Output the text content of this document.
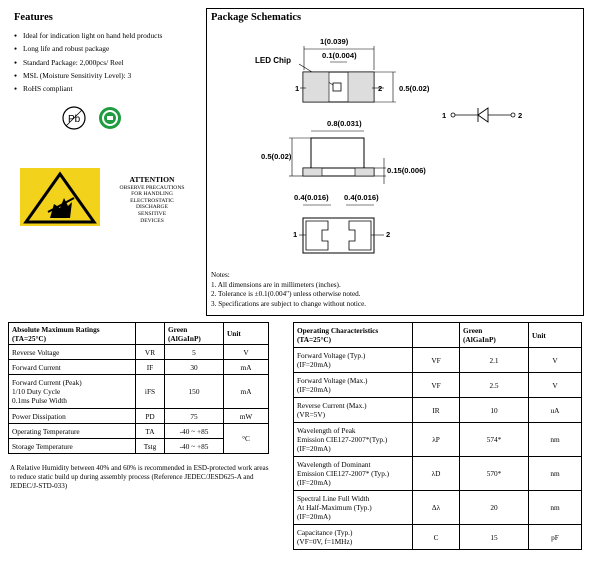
Features
● Ideal for indication light on hand held products
● Long life and robust package
● Standard Package: 2,000pcs/ Reel
● MSL (Moisture Sensitivity Level): 3
● RoHS compliant
Pb
ATTENTION
OBSERVE PRECAUTIONS
FOR HANDLING
ELECTROSTATIC
DISCHARGE
SENSITIVE
DEVICES
Package Schematics
1(0.039)
0.1(0.004)
LED Chip
1	2 0.5(0.02)
0.8(0.031)
0.5(0.02)
0.15(0.006)
0.4(0.016) 0.4(0.016)
1	2
1	2
Notes:
1. All dimensions are in millimeters (inches).
2. Tolerance is ±0.1(0.004") unless otherwise noted.
3. Specifications are subject to change without notice.
Absolute Maximum Ratings
(TA=25°C)		Green
(AlGaInP)	Unit
Reverse Voltage	VR	5	V
Forward Current	IF	30	mA
Forward Current (Peak)
1/10 Duty Cycle
0.1ms Pulse Width	iFS	150	mA
Power Dissipation	PD	75	mW
Operating Temperature	TA	-40 ~ +85	°C
Storage Temperature	Tstg	-40 ~ +85	
A Relative Humidity between 40% and 60% is recommended in ESD-protected work areas to reduce static build up during assembly process (Reference JEDEC/JESD625-A and JEDEC/J-STD-033)
Operating Characteristics
(TA=25°C)		Green
(AlGaInP)	Unit
Forward Voltage (Typ.)
(IF=20mA)	VF	2.1	V
Forward Voltage (Max.)
(IF=20mA)	VF	2.5	V
Reverse Current (Max.)
(VR=5V)	IR	10	uA
Wavelength of Peak
Emission CIE127-2007*(Typ.)
(IF=20mA)	λP	574*	nm
Wavelength of Dominant
Emission CIE127-2007* (Typ.)
(IF=20mA)	λD	570*	nm
Spectral Line Full Width
At Half-Maximum (Typ.)
(IF=20mA)	Δλ	20	nm
Capacitance (Typ.)
(VF=0V, f=1MHz)	C	15	pF
